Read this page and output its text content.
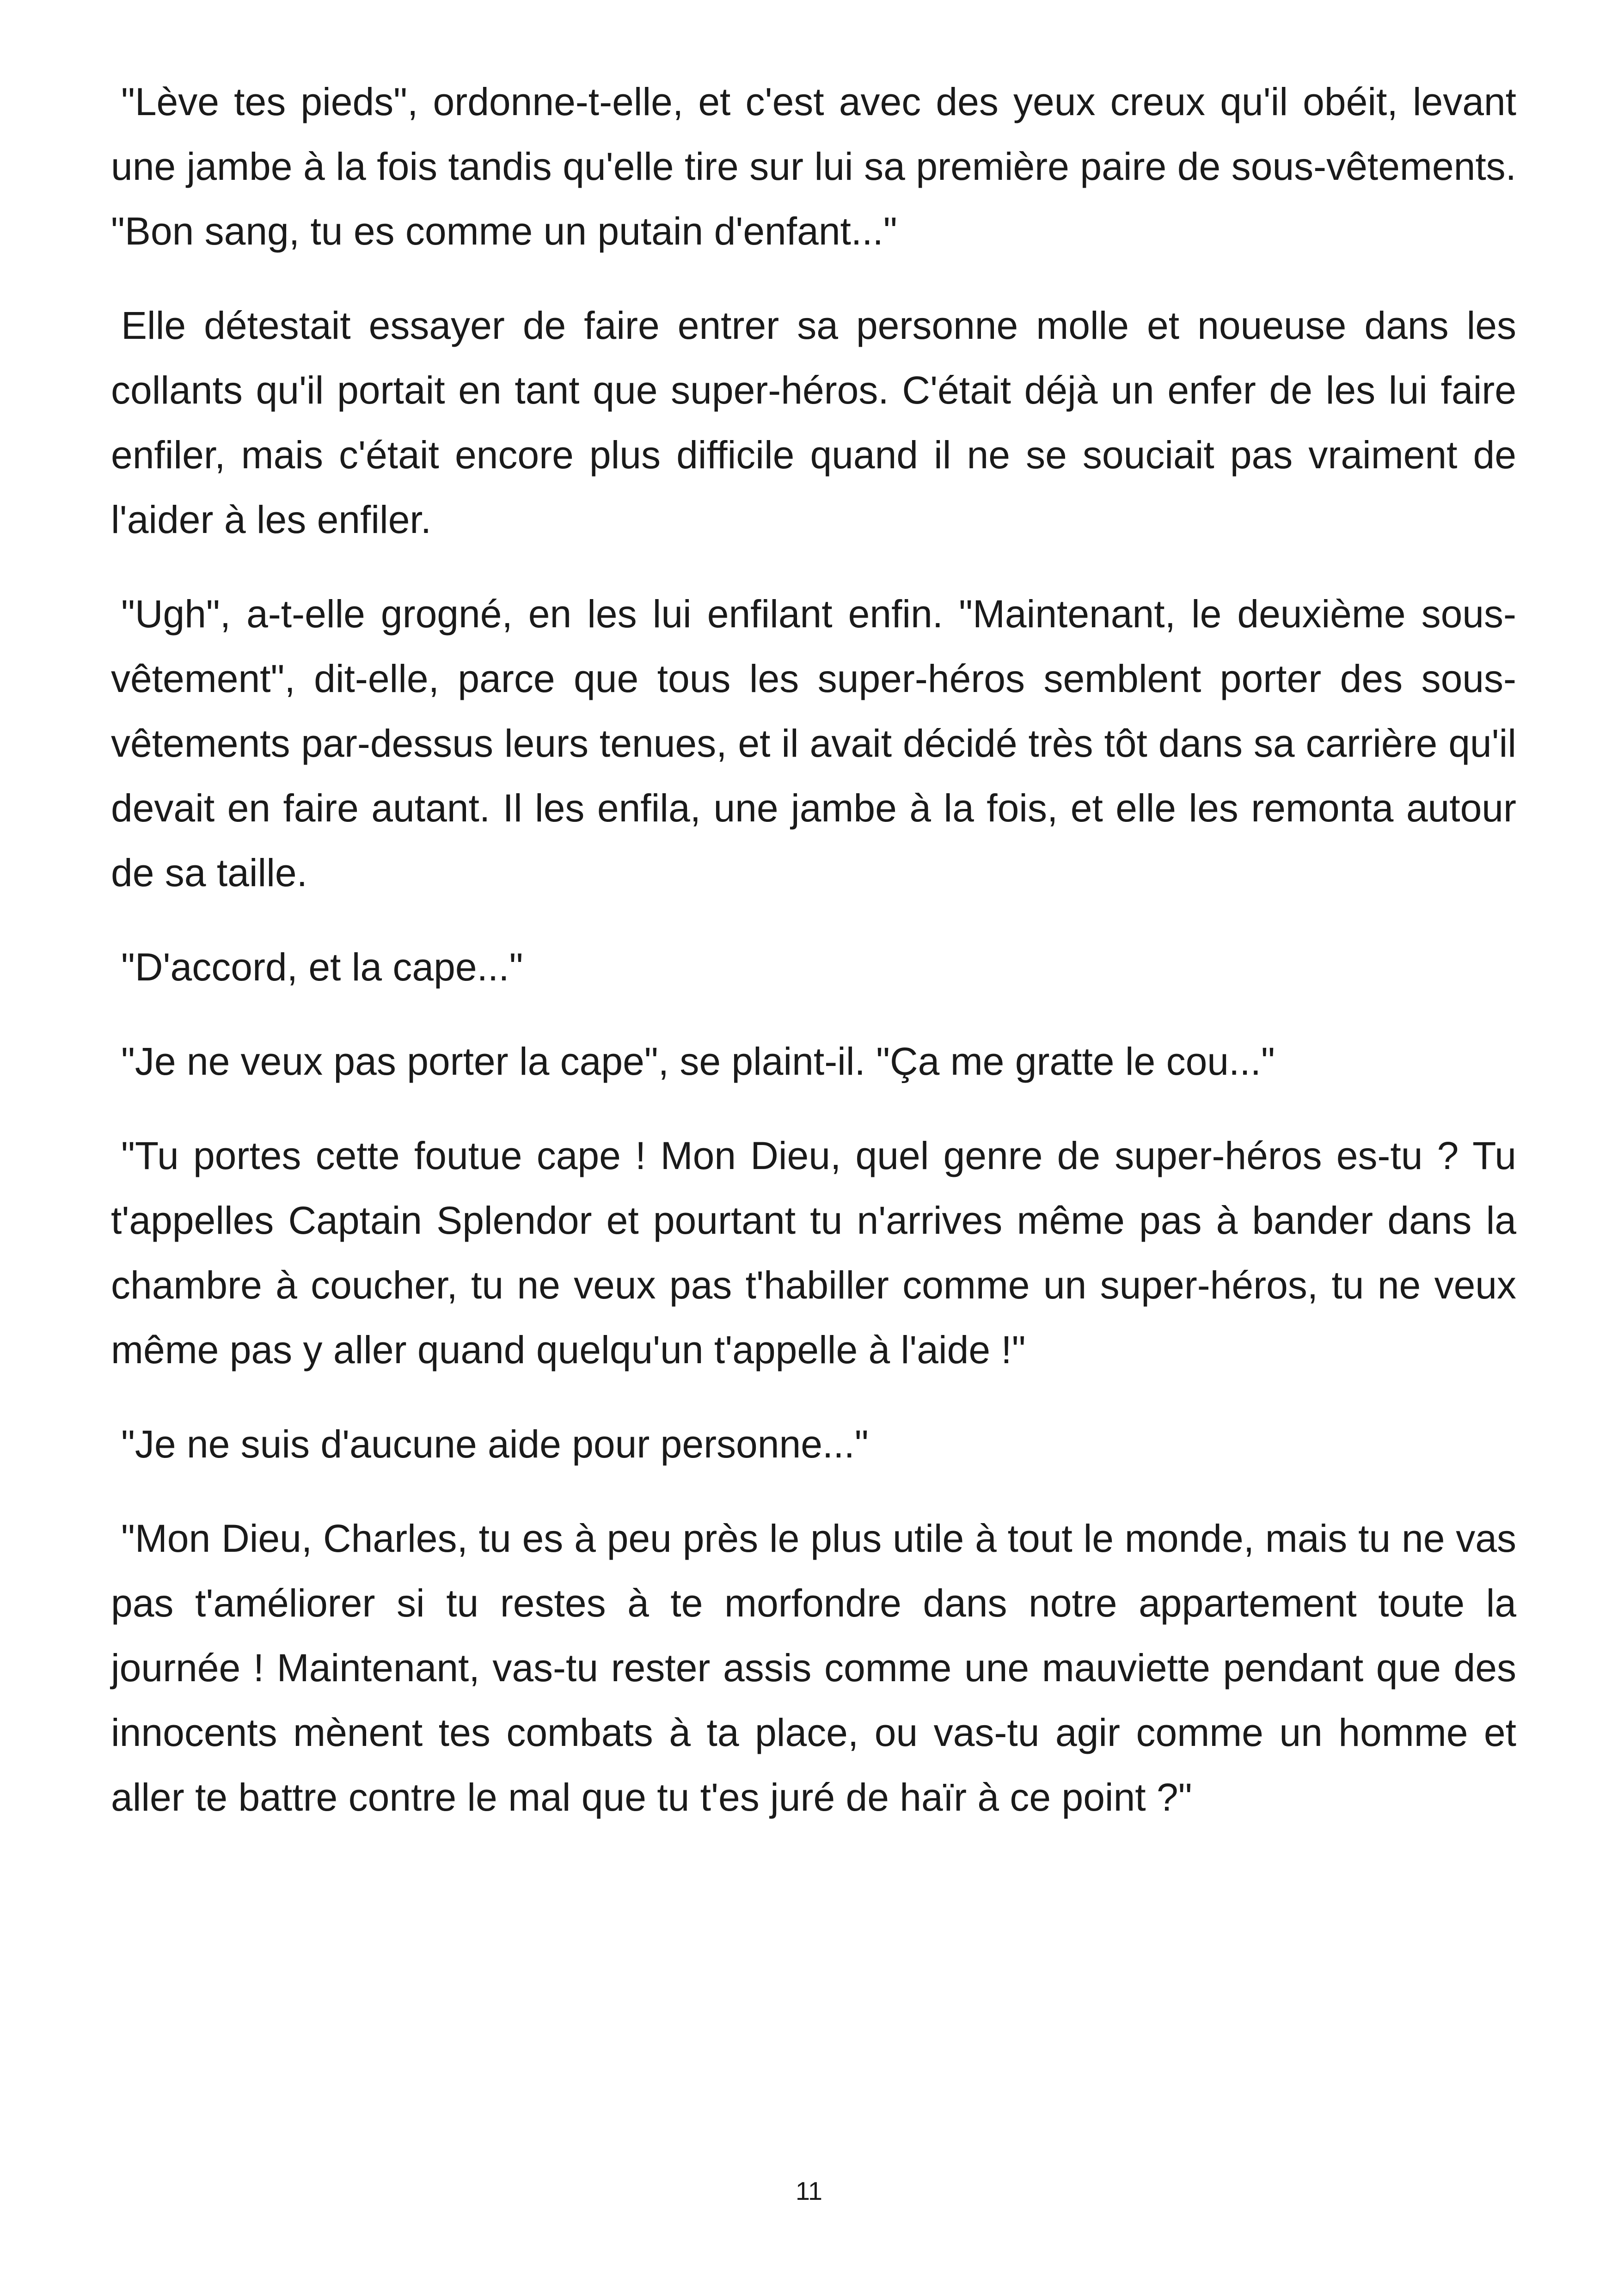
"Lève tes pieds", ordonne-t-elle, et c'est avec des yeux creux qu'il obéit, levant une jambe à la fois tandis qu'elle tire sur lui sa première paire de sous-vêtements. "Bon sang, tu es comme un putain d'enfant..."

Elle détestait essayer de faire entrer sa personne molle et noueuse dans les collants qu'il portait en tant que super-héros. C'était déjà un enfer de les lui faire enfiler, mais c'était encore plus difficile quand il ne se souciait pas vraiment de l'aider à les enfiler.

"Ugh", a-t-elle grogné, en les lui enfilant enfin. "Maintenant, le deuxième sous-vêtement", dit-elle, parce que tous les super-héros semblent porter des sous-vêtements par-dessus leurs tenues, et il avait décidé très tôt dans sa carrière qu'il devait en faire autant. Il les enfila, une jambe à la fois, et elle les remonta autour de sa taille.

"D'accord, et la cape..."

"Je ne veux pas porter la cape", se plaint-il. "Ça me gratte le cou..."

"Tu portes cette foutue cape ! Mon Dieu, quel genre de super-héros es-tu ? Tu t'appelles Captain Splendor et pourtant tu n'arrives même pas à bander dans la chambre à coucher, tu ne veux pas t'habiller comme un super-héros, tu ne veux même pas y aller quand quelqu'un t'appelle à l'aide !"

"Je ne suis d'aucune aide pour personne..."

"Mon Dieu, Charles, tu es à peu près le plus utile à tout le monde, mais tu ne vas pas t'améliorer si tu restes à te morfondre dans notre appartement toute la journée ! Maintenant, vas-tu rester assis comme une mauviette pendant que des innocents mènent tes combats à ta place, ou vas-tu agir comme un homme et aller te battre contre le mal que tu t'es juré de haïr à ce point ?"

11
